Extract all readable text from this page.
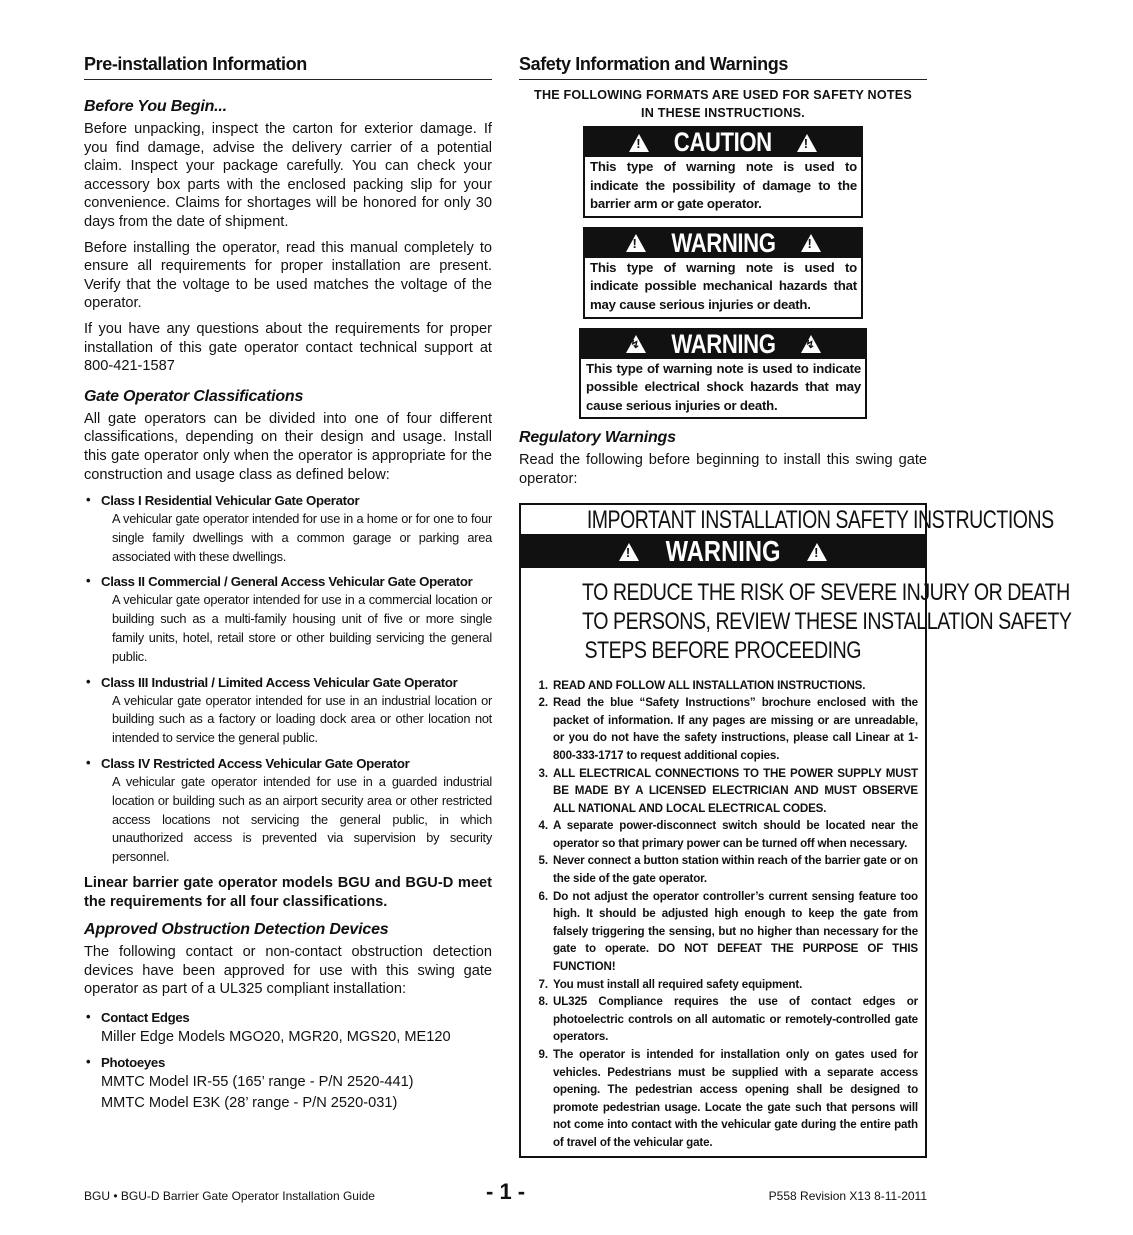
Pre-installation Information
Before You Begin...

Before unpacking, inspect the carton for exterior damage. If you find damage, advise the delivery carrier of a potential claim. Inspect your package carefully. You can check your accessory box parts with the enclosed packing slip for your convenience. Claims for shortages will be honored for only 30 days from the date of shipment.

Before installing the operator, read this manual completely to ensure all requirements for proper installation are present. Verify that the voltage to be used matches the voltage of the operator.

If you have any questions about the requirements for proper installation of this gate operator contact technical support at 800-421-1587

Gate Operator Classifications

All gate operators can be divided into one of four different classifications, depending on their design and usage. Install this gate operator only when the operator is appropriate for the construction and usage class as defined below:

• Class I Residential Vehicular Gate Operator
A vehicular gate operator intended for use in a home or for one to four single family dwellings with a common garage or parking area associated with these dwellings.
• Class II Commercial / General Access Vehicular Gate Operator
A vehicular gate operator intended for use in a commercial location or building such as a multi-family housing unit of five or more single family units, hotel, retail store or other building servicing the general public.
• Class III Industrial / Limited Access Vehicular Gate Operator
A vehicular gate operator intended for use in an industrial location or building such as a factory or loading dock area or other location not intended to service the general public.
• Class IV Restricted Access Vehicular Gate Operator
A vehicular gate operator intended for use in a guarded industrial location or building such as an airport security area or other restricted access locations not servicing the general public, in which unauthorized access is prevented via supervision by security personnel.

Linear barrier gate operator models BGU and BGU-D meet the requirements for all four classifications.

Approved Obstruction Detection Devices

The following contact or non-contact obstruction detection devices have been approved for use with this swing gate operator as part of a UL325 compliant installation:

• Contact Edges
Miller Edge Models MGO20, MGR20, MGS20, ME120
• Photoeyes
MMTC Model IR-55 (165’ range - P/N 2520-441)
MMTC Model E3K (28’ range - P/N 2520-031)
Safety Information and Warnings
THE FOLLOWING FORMATS ARE USED FOR SAFETY NOTES
IN THESE INSTRUCTIONS.
!
CAUTION
!
This type of warning note is used to indicate the possibility of damage to the barrier arm or gate operator.
!
WARNING
!
This type of warning note is used to indicate possible mechanical hazards that may cause serious injuries or death.
↯
WARNING
↯
This type of warning note is used to indicate possible electrical shock hazards that may cause serious injuries or death.
Regulatory Warnings

Read the following before beginning to install this swing gate operator:

IMPORTANT INSTALLATION SAFETY INSTRUCTIONS
!
WARNING
!
TO REDUCE THE RISK OF SEVERE INJURY OR DEATH
TO PERSONS, REVIEW THESE INSTALLATION SAFETY
STEPS BEFORE PROCEEDING
1. READ AND FOLLOW ALL INSTALLATION INSTRUCTIONS.
2. Read the blue “Safety Instructions” brochure enclosed with the packet of information. If any pages are missing or are unreadable, or you do not have the safety instructions, please call Linear at 1-800-333-1717 to request additional copies.
3. ALL ELECTRICAL CONNECTIONS TO THE POWER SUPPLY MUST BE MADE BY A LICENSED ELECTRICIAN AND MUST OBSERVE ALL NATIONAL AND LOCAL ELECTRICAL CODES.
4. A separate power-disconnect switch should be located near the operator so that primary power can be turned off when necessary.
5. Never connect a button station within reach of the barrier gate or on the side of the gate operator.
6. Do not adjust the operator controller’s current sensing feature too high. It should be adjusted high enough to keep the gate from falsely triggering the sensing, but no higher than necessary for the gate to operate. DO NOT DEFEAT THE PURPOSE OF THIS FUNCTION!
7. You must install all required safety equipment.
8. UL325 Compliance requires the use of contact edges or photoelectric controls on all automatic or remotely-controlled gate operators.
9. The operator is intended for installation only on gates used for vehicles. Pedestrians must be supplied with a separate access opening. The pedestrian access opening shall be designed to promote pedestrian usage. Locate the gate such that persons will not come into contact with the vehicular gate during the entire path of travel of the vehicular gate.
BGU • BGU-D Barrier Gate Operator Installation Guide	- 1 -	P558 Revision X13 8-11-2011
